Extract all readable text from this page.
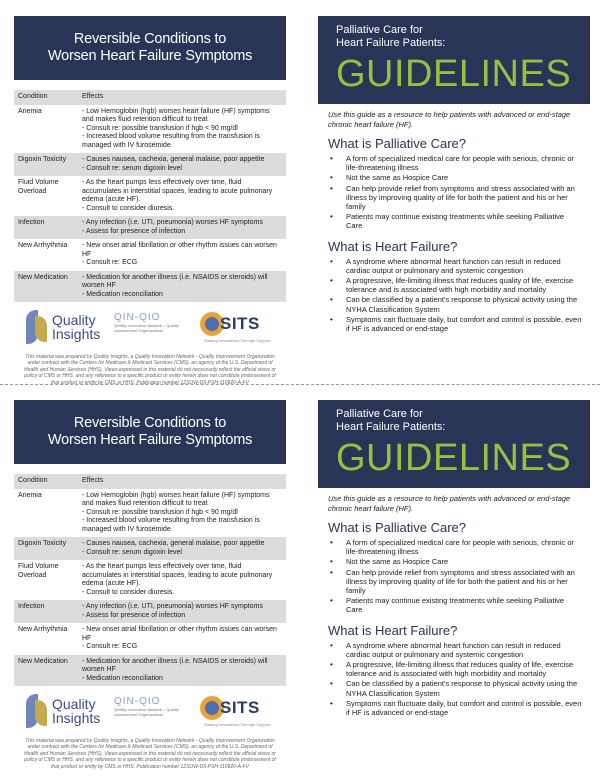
Reversible Conditions to
Worsen Heart Failure Symptoms
Condition	Effects
Anemia	- Low Hemoglobin (hgb) worses heart failure (HF) symptoms and makes fluid retention difficult to treat
- Consult re: possible transfusion if hgb < 90 mg/dl
- Increased blood volume resulting from the transfusion is managed with IV furosemide

Digoxin Toxicity	- Causes nausea, cachexia, general malaise, poor appetite
- Consult re: serum digoxin level

Fluid Volume Overload	- As the heart pumps less effectively over time, fluid accumulates in interstitial spaces, leading to acute pulmonary edema (acute HF).
- Consult to consider diuresis.

Infection	- Any infection (i.e. UTI, pneumonia) worses HF symptoms
- Assess for presence of infection

New Arrhythmia	- New onset atrial fibrillation or other rhythm issues can worsen HF
- Consult re: ECG

New Medication	- Medication for another illness (i.e. NSAIDS or steroids) will worsen HF
- Medication reconciliation
Quality
Insights
QIN-QIO
Quality Innovation Network – Quality Improvement Organizations	SITS
Sharing Innovations Through Support
This material was prepared by Quality Insights, a Quality Innovation Network - Quality Improvement Organization under contract with the Centers for Medicare & Medicaid Services (CMS), an agency of the U.S. Department of Health and Human Services (HHS). Views expressed in this material do not necessarily reflect the official views or policy of CMS or HHS, and any reference to a specific product or entity herein does not constitute endorsement of that product or entity by CMS or HHS. Publication number 12SOW-D5-PSH-110820-A-FV
Palliative Care for
Heart Failure Patients:
GUIDELINES
Use this guide as a resource to help patients with advanced or end-stage chronic heart failure (HF).
What is Palliative Care?
• A form of specialized medical care for people with serious, chronic or life-threatening illness
• Not the same as Hospice Care
• Can help provide relief from symptoms and stress associated with an illness by improving quality of life for both the patient and his or her family
• Patients may continue existing treatments while seeking Palliative Care
What is Heart Failure?
• A syndrome where abnormal heart function can result in reduced cardiac output or pulmonary and systemic congestion
• A progressive, life-limiting illness that reduces quality of life, exercise tolerance and is associated with high morbidity and mortality
• Can be classified by a patient's response to physical activity using the NYHA Classification System
• Symptoms can fluctuate daily, but comfort and control is possible, even if HF is advanced or end-stage
Reversible Conditions to
Worsen Heart Failure Symptoms
Condition	Effects
Anemia	- Low Hemoglobin (hgb) worses heart failure (HF) symptoms and makes fluid retention difficult to treat
- Consult re: possible transfusion if hgb < 90 mg/dl
- Increased blood volume resulting from the transfusion is managed with IV furosemide

Digoxin Toxicity	- Causes nausea, cachexia, general malaise, poor appetite
- Consult re: serum digoxin level

Fluid Volume Overload	- As the heart pumps less effectively over time, fluid accumulates in interstitial spaces, leading to acute pulmonary edema (acute HF).
- Consult to consider diuresis.

Infection	- Any infection (i.e. UTI, pneumonia) worses HF symptoms
- Assess for presence of infection

New Arrhythmia	- New onset atrial fibrillation or other rhythm issues can worsen HF
- Consult re: ECG

New Medication	- Medication for another illness (i.e. NSAIDS or steroids) will worsen HF
- Medication reconciliation
Quality
Insights
QIN-QIO
Quality Innovation Network – Quality Improvement Organizations	SITS
Sharing Innovations Through Support
This material was prepared by Quality Insights, a Quality Innovation Network - Quality Improvement Organization under contract with the Centers for Medicare & Medicaid Services (CMS), an agency of the U.S. Department of Health and Human Services (HHS). Views expressed in this material do not necessarily reflect the official views or policy of CMS or HHS, and any reference to a specific product or entity herein does not constitute endorsement of that product or entity by CMS or HHS. Publication number 12SOW-D5-PSH-110820-A-FV
Palliative Care for
Heart Failure Patients:
GUIDELINES
Use this guide as a resource to help patients with advanced or end-stage chronic heart failure (HF).
What is Palliative Care?
• A form of specialized medical care for people with serious, chronic or life-threatening illness
• Not the same as Hospice Care
• Can help provide relief from symptoms and stress associated with an illness by improving quality of life for both the patient and his or her family
• Patients may continue existing treatments while seeking Palliative Care
What is Heart Failure?
• A syndrome where abnormal heart function can result in reduced cardiac output or pulmonary and systemic congestion
• A progressive, life-limiting illness that reduces quality of life, exercise tolerance and is associated with high morbidity and mortality
• Can be classified by a patient's response to physical activity using the NYHA Classification System
• Symptoms can fluctuate daily, but comfort and control is possible, even if HF is advanced or end-stage
